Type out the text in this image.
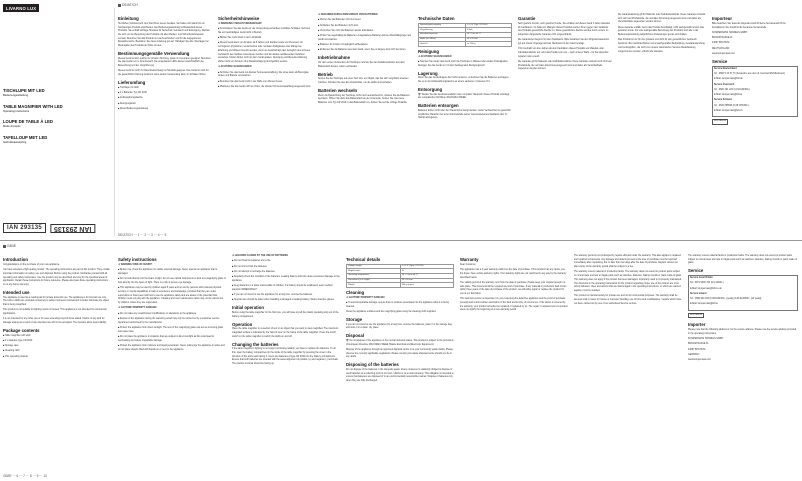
LIVARNO LUX
TISCHLUPE MIT LED
Bedienungsanleitung
TABLE MAGNIFIER WITH LED
Operating instructions
LOUPE DE TABLE À LED
Mode d'emploi
TAFELLOUP MET LED
Gebruiksaanwijzing
IAN 293135	IAN 293135
DE/AT/CH
Einleitung

Herzlichen Glückwunsch zum Kauf Ihres neuen Gerätes. Sie haben sich damit für ein hochwertiges Produkt entschieden. Die Bedienungsanleitung ist Bestandteil dieses Produkts. Sie enthält wichtige Hinweise für Sicherheit, Gebrauch und Entsorgung. Machen Sie sich vor der Benutzung des Produkts mit allen Bedien- und Sicherheitshinweisen vertraut. Benutzen Sie das Produkt nur wie beschrieben und für die angegebenen Einsatzbereiche. Bewahren Sie diese Anleitung gut auf. Händigen Sie alle Unterlagen bei Weitergabe des Produkts an Dritte mit aus.

Bestimmungsgemäße Verwendung

Dieses Gerät ist als Leuchte zur privaten Nutzung, sowie im Innenraum geeignet. Benutzen Sie das Gerät nur im Innenbereich. Die eingebauten LEDs dienen ausschließlich der Beleuchtung und der Vergrößerung.

Dieses Gerät ist nicht zur Raumbeleuchtung im Haushalt geeignet. Das Gerät ist nicht für die gewerbliche Nutzung bestimmt. Eine andere Verwendung kann zu Schäden führen.

Lieferumfang

■ Tischlupe mit LED

■ 2 x Batterien Typ CR 2016

■ Aufbewahrungstasche

■ Reinigungstuch

■ Diese Bedienungsanleitung

Sicherheitshinweise

⚠ WARNUNG! VERLETZUNGSGEFAHR!

■ Kontrollieren Sie das Gerät vor der Verwendung auf äußere sichtbare Schäden. Nehmen Sie ein beschädigtes Gerät nicht in Betrieb.

■ Blicken Sie nicht direkt in den Lichtstrahl.

■ Dieses Gerät kann von Kindern ab 8 Jahren und darüber sowie von Personen mit verringerten physischen, sensorischen oder mentalen Fähigkeiten oder Mangel an Erfahrung und Wissen benutzt werden, wenn sie beaufsichtigt oder bezüglich des sicheren Gebrauchs des Gerätes unterwiesen wurden und die daraus resultierenden Gefahren verstehen. Kinder dürfen nicht mit dem Gerät spielen. Reinigung und Benutzer-Wartung dürfen nicht von Kindern ohne Beaufsichtigung durchgeführt werden.

⚠ ACHTUNG! SACHSCHADEN

■ Schützen Sie das Gerät vor direkter Sonneneinstrahlung. Die Linse kann als Brennglas wirken und Brände verursachen.

■ Benutzen Sie das Gerät nicht in der Nähe von offenem Feuer.

■ Platzieren Sie das Gerät nicht an Orten, die direkter Sonneneinstrahlung ausgesetzt sind.

⚠ GEFAHREN DURCH DEN EINSATZ VON BATTERIEN

■ Werfen Sie die Batterien nicht ins Feuer.

■ Schließen Sie die Batterien nicht kurz.

■ Versuchen Sie nicht die Batterien wieder aufzuladen.

■ Prüfen Sie regelmäßig die Batterien. Ausgelaufene Batterien können Beschädigungen am Gerät verursachen.

■ Batterien für Kinder unzugänglich aufbewahren.

■ Entfernen Sie die Batterien aus dem Gerät, wenn Sie es längere Zeit nicht benutzen.

Inbetriebnahme

Vor dem ersten Verwenden der Tischlupe nehmen Sie den Isolationsstreifen aus dem Batteriefach heraus, sofern vorhanden.

Betrieb

Setzen Sie die Tischlupe auf einen Text bzw. ein Objekt, das Sie sich vergrößert ansehen möchten. Drücken Sie den Ein-/Ausschalter, um die LEDs einzuschalten.

Batterien wechseln

Wenn die Beleuchtung der Tischlupe nicht mehr ausreichend ist, müssen Sie die Batterien wechseln. Öffnen Sie dazu das Batteriefach an der Unterseite. Setzen Sie zwei neue Batterien vom Typ CR 2016 in das Batteriefach ein. Achten Sie auf die richtige Polarität.

Technische Daten
Spannungsversorgung	2 x 3 V (Typ CR 2016)
Vergrößerung	3-fach
Betriebstemperatur	10 °C bis 40 °C
Maße (ø x Höhe)	93 x 26 mm
Gewicht	ca. 200 g
Reinigung

⚠ ACHTUNG! SACHSCHADEN

■ Tauchen Sie weder das Gerät noch die Tischlupe in Wasser oder andere Flüssigkeiten. Reinigen Sie das Gerät nur mit dem beiliegenden Reinigungstuch.

Lagerung

Wenn Sie das Gerät längere Zeit nicht benutzen, entnehmen Sie die Batterien und lagern Sie es in der Aufbewahrungstasche an einem sauberen, trockenen Ort.

Entsorgung

🗑 Werfen Sie das Gerät keinesfalls in den normalen Hausmüll. Dieses Produkt unterliegt der europäischen Richtlinie 2012/19/EU WEEE.

Batterien entsorgen

Batterien dürfen nicht über den Hausmüll entsorgt werden. Jeder Verbraucher ist gesetzlich verpflichtet, Batterien bei einer Sammelstelle seiner Gemeinde/seines Stadtteils oder im Handel abzugeben.

Garantie

Sehr geehrte Kundin, sehr geehrter Kunde, Sie erhalten auf dieses Gerät 3 Jahre Garantie ab Kaufdatum. Im Falle von Mängeln dieses Produkts stehen Ihnen gegen den Verkäufer des Produkts gesetzliche Rechte zu. Diese gesetzlichen Rechte werden durch unsere im Folgenden dargestellte Garantie nicht eingeschränkt.

Die Garantiezeit beginnt mit dem Kaufdatum. Bitte bewahren Sie den Original-Kassenbon gut auf. Diese Unterlage wird als Nachweis für den Kauf benötigt.

Tritt innerhalb von drei Jahren ab dem Kaufdatum dieses Produkts ein Material- oder Fabrikationsfehler auf, wird das Produkt von uns – nach unserer Wahl – für Sie kostenlos repariert oder ersetzt.

Die Garantie gilt für Material- oder Fabrikationsfehler. Diese Garantie erstreckt sich nicht auf Produktteile, die normaler Abnutzung ausgesetzt sind und daher als Verschleißteile angesehen werden können.

Die Garantieleistung gilt für Material- oder Fabrikationsfehler. Diese Garantie erstreckt sich nicht auf Produktteile, die normaler Abnutzung ausgesetzt sind und daher als Verschleißteile angesehen werden können.

Diese Garantie entfällt, wenn das Produkt beschädigt, nicht sachgemäß benutzt oder gewartet wurde. Für eine sachgemäße Benutzung des Produkts sind alle in der Bedienungsanleitung aufgeführten Anweisungen genau einzuhalten.

Das Produkt ist nur für den privaten und nicht für den gewerblichen Gebrauch bestimmt. Bei missbräuchlicher und unsachgemäßer Behandlung, Gewaltanwendung und bei Eingriffen, die nicht von unserer autorisierten Service-Niederlassung vorgenommen wurden, erlischt die Garantie.

Importeur

Bitte beachten Sie, dass die folgende Anschrift keine Serviceanschrift ist. Kontaktieren Sie zunächst die benannte Servicestelle.

KOMPERNASS HANDELS GMBH

BURGSTRASSE 21

44867 BOCHUM

DEUTSCHLAND

www.kompernass.com

Service

Service Deutschland

Tel.: 0800 5 43 57 73 (Kostenfrei aus dem dt. Festnetz/Mobilfunknetz)

E-Mail: kompernass@lidl.de

Service Österreich

Tel.: 0820 201 222 (0,15 EUR/Min.)

E-Mail: kompernass@lidl.at

Service Schweiz

Tel.: 0842 665566 (0,08 CHF/Min.)

E-Mail: kompernass@lidl.ch

IAN 293135

DE/AT/CH ··· 1 ··· 2 ··· 3 ··· 4 ··· 5
GB/IE
Introduction

Congratulations on the purchase of your new appliance.

You have selected a high-quality product. The operating instructions are part of this product. They contain important information on safety, use and disposal. Before using the product, familiarise yourself with all operating and safety instructions. Use the product only as described and only for the specified areas of application. Retain these instructions for future reference. Please also pass these operating instructions on to any future owner(s).

Intended use

The appliance is used as a reading aid for private domestic use. The appliance is for internal use only. The built-in LEDs are provided exclusively to deliver improved contrast and to better illuminate the object that is being magnified.

This product is not suitable for lighting rooms in houses. This appliance is not intended for commercial applications.

It is not intended for any other use or for uses extending beyond those stated. Claims of any kind for damage arising as a result of non-intended use will not be accepted. The operator alone bears liability.

Package contents

■ Table magnifier with LED

■ 2 x batteries type CR 2016

■ Storage case

■ Cleaning cloth

■ This operating manual

Safety instructions

⚠ WARNING! RISK OF INJURY!

■ Before use, check the appliance for visible external damage. Never operate an appliance that is damaged.

■ Do not look directly into the beam of light. Do not use optical instruments to look at a magnifying glass or look directly into the beam of light. There is a risk of severe eye damage.

■ This appliance may be used by children aged 8 years and up and by persons with reduced physical, sensory or mental capabilities or lack of experience and knowledge, provided that they are under supervision or have been told how to use the appliance safely and are aware of the potential risks. Children must not play with the appliance. Cleaning and user maintenance tasks may not be carried out by children unless they are supervised.

⚠ CAUTION! PROPERTY DAMAGE!

■ Do not make any unauthorised modifications or alterations to the appliance.

■ Expose to the appliance during the warranty period may only be carried out by a customer service department authorised by the manufacturer.

■ Protect the appliance from direct sunlight. The lens of the magnifying glass can act as a burning glass and cause fires.

■ Do not place the appliance in locations that are subject to direct sunlight as this could lead to overheating and cause irreparable damage.

■ Protect the appliance from moisture and liquid penetration. Never submerge the appliance in water and do not place objects filled with liquids on or next to the appliance.

⚠ HAZARDS CAUSED BY THE USE OF BATTERIES

■ Do not throw the batteries into a fire.

■ Do not short-circuit the batteries.

■ Do not attempt to recharge the batteries.

■ Regularly check the condition of the batteries. Leaking battery acid can cause permanent damage to the appliance.

■ Keep batteries in a place inaccessible to children. If a battery should be swallowed, seek medical attention IMMEDIATELY!

■ If you do not intend to use the appliance for a long time, remove the batteries.

■ Special care should be taken when handling a damaged or leaking battery. Wear protective gloves.

Initial operation

Before using the table magnifier for the first time, you will have to pull the plastic insulating strip out of the battery compartment.

Operation

Place the table magnifier on a section of text or an object that you want to view magnified. The maximum magnified surface is indicated by the 'field of view' on the frame of the table magnifier. Press the on/off switch on the table magnifier to switch the LEDs on and off.

Changing the batteries

If the table magnifier's lighting is no longer functioning reliably, you have to replace the batteries. To do this, open the battery compartment in the inside of the table magnifier by pressing the cover in the direction of the arrow and raising it. Insert two batteries of type CR 2032 into the battery compartment. Ensure that both batteries are inserted with the same alignment of positive (+) and negative (-) terminals. The positive terminal should be facing up.

Technical details
Voltage supply	2 x 3 V (Type CR 2016)
Magnification	3x
Operating temperature	10 °C up to 40 °C
Dimensions (ø x height)	93 x 26 mm
Weight	200 g approx.
Cleaning

⚠ CAUTION! PROPERTY DAMAGE!

■ To avoid irreparable damage, ensure that no moisture penetrates into the appliance while it is being cleaned.

Clean the appliance surfaces and the magnifying glass using the cleaning cloth supplied.

Storage

If you do not intend to use the appliance for a long time, remove the batteries, place it in the storage bag and store it in a clean, dry place.

Disposal

🗑 Do not dispose of the appliance in the normal domestic waste. This product is subject to the provisions of European Directive 2012/19/EU WEEE (Waste Electrical and Electronic Equipment).

Dispose of the appliance through an approved disposal centre or at your community waste facility. Please observe the currently applicable regulations. Please contact your waste disposal centre should you be in any doubt.

Disposing of the batteries

Do not dispose of the batteries in the domestic waste. Every consumer is statutorily obliged to dispose of used batteries at a collecting point in his town / district or at a retail company. This obligation is intended to ensure that batteries are disposed of in an environmentally responsible manner. Dispose of batteries only when they are fully discharged.

Warranty

Dear Customer,

This appliance has a 3-year warranty valid from the date of purchase. If this product has any faults, you, the buyer, have certain statutory rights. Your statutory rights are not restricted in any way by the warranty described below.

The validity period of the warranty runs from the date of purchase. Please keep your original receipt in a safe place. This document will be required as proof of purchase. If any material or production fault occurs within three years of the date of purchase of the product, we will either repair or replace the product for you at our discretion.

This warranty service is dependent on you presenting the defective appliance and the proof of purchase (receipt) and a short written description of the fault and its time of occurrence. If the defect is covered by the warranty, your product will either be repaired or replaced by us. The repair or replacement of a product does not signify the beginning of a new warranty period.

The warranty period is not prolonged by repairs effected under the warranty. This also applies to replaced and repaired components. Any damage and defects present at the time of purchase must be reported immediately after unpacking, but no later than two days after the date of purchase. Repairs carried out after expiry of the warranty period shall be subject to a fee.

The warranty covers material or production faults. The warranty does not extend to product parts subject to normal wear and tear or fragile parts such as switches, batteries, baking moulds or parts made of glass. This warranty does not apply if the product has been damaged, improperly used or improperly maintained. The directions in the operating instructions for the product regarding proper use of the product are to be strictly followed. Uses and actions that are discouraged in the operating instructions, or which are warned against, must be avoided.

This product is intended solely for private use and not for commercial purposes. The warranty shall be deemed void in cases of misuse or improper handling, use of force and modifications / repairs which have not been carried out by one of our authorised Service centres.

The warranty covers material faults or production faults. The warranty does not extend to product parts subject to normal wear and tear or fragile parts such as switches, batteries, baking moulds or parts made of glass.

Service

Service Great Britain

Tel.: 0871 5000 720 (£ 0.10/Min.)

E-Mail: kompernass@lidl.co.uk

Service Ireland

Tel.: 1890 930 034 (0,08 EUR/Min., [peak]) (0,06 EUR/Min., [off peak])

E-Mail: kompernass@lidl.ie

IAN 293135

Importer

Please note that the following address is not the service address. Please use the service address provided in the operating instructions.

KOMPERNASS HANDELS GMBH

BURGSTRASSE 21

44867 BOCHUM

GERMANY

www.kompernass.com

GB/IE ··· 6 ··· 7 ··· 8 ··· 9 ··· 10
